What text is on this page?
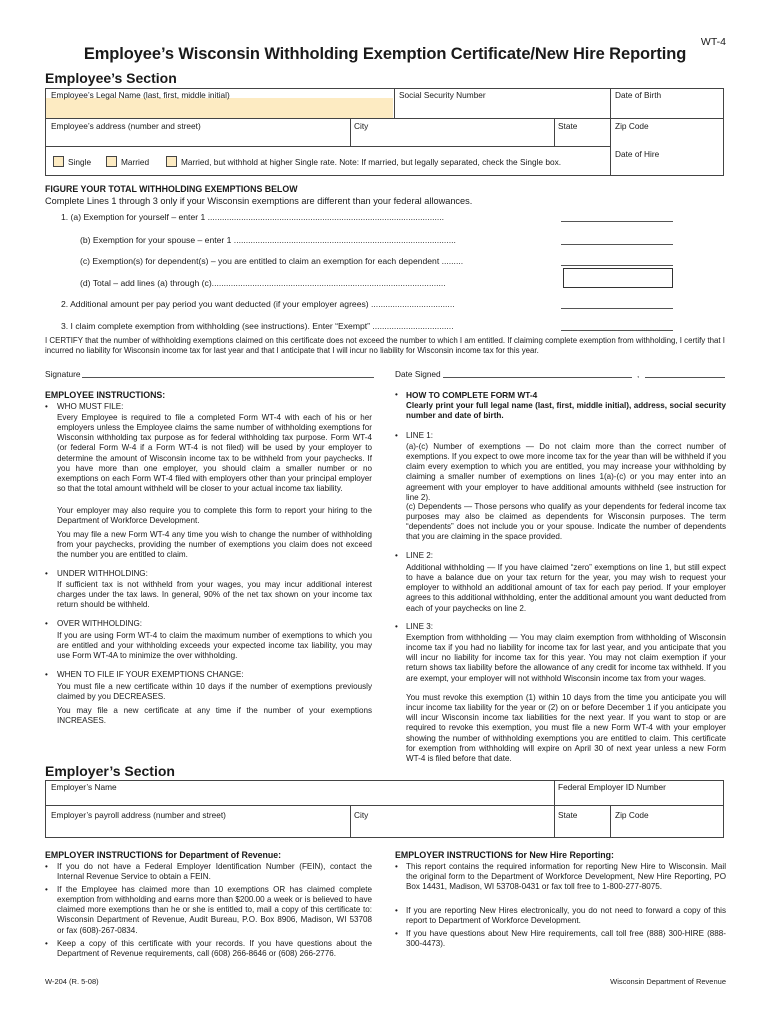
WT-4
Employee’s Wisconsin Withholding Exemption Certificate/New Hire Reporting
Employee’s Section
Employee’s Legal Name (last, first, middle initial)	Social Security Number	Date of Birth
Employee’s address (number and street)	City	State	Zip Code
Date of Hire
Single	Married	Married, but withhold at higher Single rate. Note: If married, but legally separated, check the Single box.
FIGURE YOUR TOTAL WITHHOLDING EXEMPTIONS BELOW
Complete Lines 1 through 3 only if your Wisconsin exemptions are different than your federal allowances.
1. (a) Exemption for yourself – enter 1 ...................................................................................................
(b) Exemption for your spouse – enter 1 .............................................................................................
(c) Exemption(s) for dependent(s) – you are entitled to claim an exemption for each dependent .........
(d) Total – add lines (a) through (c)..................................................................................................
2. Additional amount per pay period you want deducted (if your employer agrees) ...................................
3. I claim complete exemption from withholding (see instructions). Enter “Exempt” ..................................
I CERTIFY that the number of withholding exemptions claimed on this certificate does not exceed the number to which I am entitled. If claiming complete exemption from withholding, I certify that I incurred no liability for Wisconsin income tax for last year and that I anticipate that I will incur no liability for Wisconsin income tax for this year.
Signature	Date Signed	,
EMPLOYEE INSTRUCTIONS:
• WHO MUST FILE:
Every Employee is required to file a completed Form WT-4 with each of his or her employers unless the Employee claims the same number of withholding exemptions for Wisconsin withholding tax purpose as for federal withholding tax purpose. Form WT-4 (or federal Form W-4 if a Form WT-4 is not filed) will be used by your employer to determine the amount of Wisconsin income tax to be withheld from your paychecks. If you have more than one employer, you should claim a smaller number or no exemptions on each Form WT-4 filed with employers other than your principal employer so that the total amount withheld will be closer to your actual income tax liability.
Your employer may also require you to complete this form to report your hiring to the Department of Workforce Development.
You may file a new Form WT-4 any time you wish to change the number of withholding from your paychecks, providing the number of exemptions you claim does not exceed the number you are entitled to claim.
• UNDER WITHHOLDING:
If sufficient tax is not withheld from your wages, you may incur additional interest charges under the tax laws. In general, 90% of the net tax shown on your income tax return should be withheld.
• OVER WITHHOLDING:
If you are using Form WT-4 to claim the maximum number of exemptions to which you are entitled and your withholding exceeds your expected income tax liability, you may use Form WT-4A to minimize the over withholding.
• WHEN TO FILE IF YOUR EXEMPTIONS CHANGE:
You must file a new certificate within 10 days if the number of exemptions previously claimed by you DECREASES.
You may file a new certificate at any time if the number of your exemptions INCREASES.
• HOW TO COMPLETE FORM WT-4
Clearly print your full legal name (last, first, middle initial), address, social security number and date of birth.
• LINE 1:
(a)-(c) Number of exemptions — Do not claim more than the correct number of exemptions. If you expect to owe more income tax for the year than will be withheld if you claim every exemption to which you are entitled, you may increase your withholding by claiming a smaller number of exemptions on lines 1(a)-(c) or you may enter into an agreement with your employer to have additional amounts withheld (see instruction for line 2).
(c) Dependents — Those persons who qualify as your dependents for federal income tax purposes may also be claimed as dependents for Wisconsin purposes. The term “dependents” does not include you or your spouse. Indicate the number of dependents that you are claiming in the space provided.
• LINE 2:
Additional withholding — If you have claimed “zero” exemptions on line 1, but still expect to have a balance due on your tax return for the year, you may wish to request your employer to withhold an additional amount of tax for each pay period. If your employer agrees to this additional withholding, enter the additional amount you want deducted from each of your paychecks on line 2.
• LINE 3:
Exemption from withholding — You may claim exemption from withholding of Wisconsin income tax if you had no liability for income tax for last year, and you anticipate that you will incur no liability for income tax for this year. You may not claim exemption if your return shows tax liability before the allowance of any credit for income tax withheld. If you are exempt, your employer will not withhold Wisconsin income tax from your wages.
You must revoke this exemption (1) within 10 days from the time you anticipate you will incur income tax liability for the year or (2) on or before December 1 if you anticipate you will incur Wisconsin income tax liabilities for the next year. If you want to stop or are required to revoke this exemption, you must file a new Form WT-4 with your employer showing the number of withholding exemptions you are entitled to claim. This certificate for exemption from withholding will expire on April 30 of next year unless a new Form WT-4 is filed before that date.
Employer’s Section
Employer’s Name	Federal Employer ID Number
Employer’s payroll address (number and street)	City	State	Zip Code
EMPLOYER INSTRUCTIONS for Department of Revenue:
• If you do not have a Federal Employer Identification Number (FEIN), contact the Internal Revenue Service to obtain a FEIN.
• If the Employee has claimed more than 10 exemptions OR has claimed complete exemption from withholding and earns more than $200.00 a week or is believed to have claimed more exemptions than he or she is entitled to, mail a copy of this certificate to: Wisconsin Department of Revenue, Audit Bureau, P.O. Box 8906, Madison, WI 53708 or fax (608)-267-0834.
• Keep a copy of this certificate with your records. If you have questions about the Department of Revenue requirements, call (608) 266-8646 or (608) 266-2776.
EMPLOYER INSTRUCTIONS for New Hire Reporting:
• This report contains the required information for reporting New Hire to Wisconsin. Mail the original form to the Department of Workforce Development, New Hire Reporting, PO Box 14431, Madison, WI 53708-0431 or fax toll free to 1-800-277-8075.
• If you are reporting New Hires electronically, you do not need to forward a copy of this report to Department of Workforce Development.
• If you have questions about New Hire requirements, call toll free (888) 300-HIRE (888-300-4473).
W-204 (R. 5-08)	Wisconsin Department of Revenue
